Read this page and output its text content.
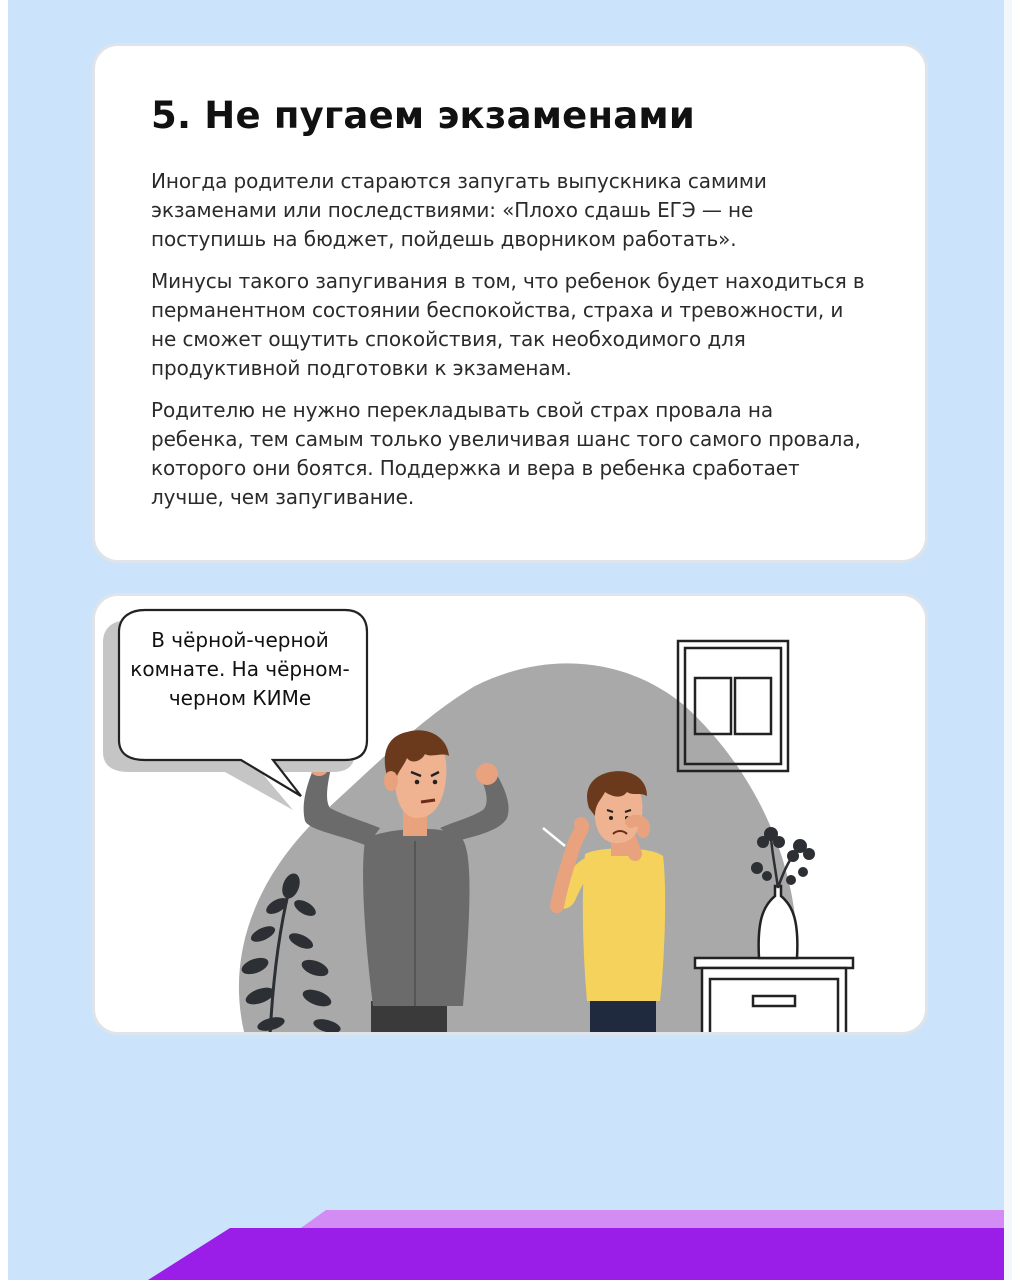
5. Не пугаем экзаменами

Иногда родители стараются запугать выпускника самими экзаменами или последствиями: «Плохо сдашь ЕГЭ — не поступишь на бюджет, пойдешь дворником работать».

Минусы такого запугивания в том, что ребенок будет находиться в перманентном состоянии беспокойства, страха и тревожности, и не сможет ощутить спокойствия, так необходимого для продуктивной подготовки к экзаменам.

Родителю не нужно перекладывать свой страх провала на ребенка, тем самым только увеличивая шанс того самого провала, которого они боятся. Поддержка и вера в ребенка сработает лучше, чем запугивание.

В чёрной-черной комнате. На чёрном-черном КИМе
